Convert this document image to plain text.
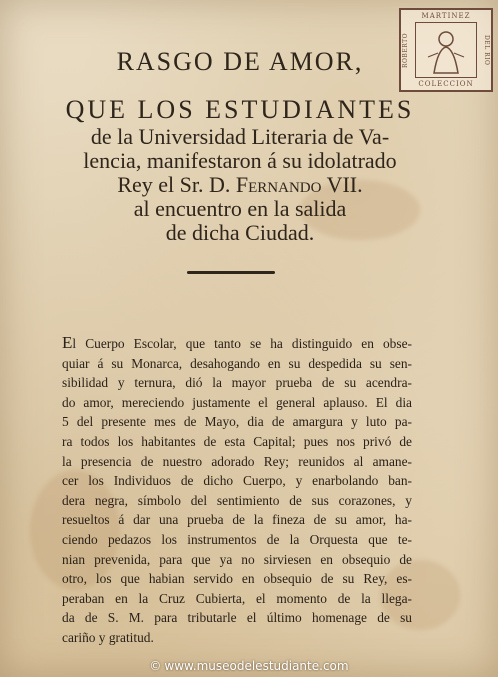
MARTINEZ
ROBERTO	DEL RIO
COLECCION
RASGO DE AMOR,
QUE LOS ESTUDIANTES
de la Universidad Literaria de Va-
lencia, manifestaron á su idolatrado
Rey el Sr. D. Fernando VII.
al encuentro en la salida
de dicha Ciudad.
El Cuerpo Escolar, que tanto se ha distinguido en obse-
quiar á su Monarca, desahogando en su despedida su sen-
sibilidad y ternura, dió la mayor prueba de su acendra-
do amor, mereciendo justamente el general aplauso. El dia
5 del presente mes de Mayo, dia de amargura y luto pa-
ra todos los habitantes de esta Capital; pues nos privó de
la presencia de nuestro adorado Rey; reunidos al amane-
cer los Individuos de dicho Cuerpo, y enarbolando ban-
dera negra, símbolo del sentimiento de sus corazones, y
resueltos á dar una prueba de la fineza de su amor, ha-
ciendo pedazos los instrumentos de la Orquesta que te-
nian prevenida, para que ya no sirviesen en obsequio de
otro, los que habian servido en obsequio de su Rey, es-
peraban en la Cruz Cubierta, el momento de la llega-
da de S. M. para tributarle el último homenage de su
cariño y gratitud.
© www.museodelestudiante.com
